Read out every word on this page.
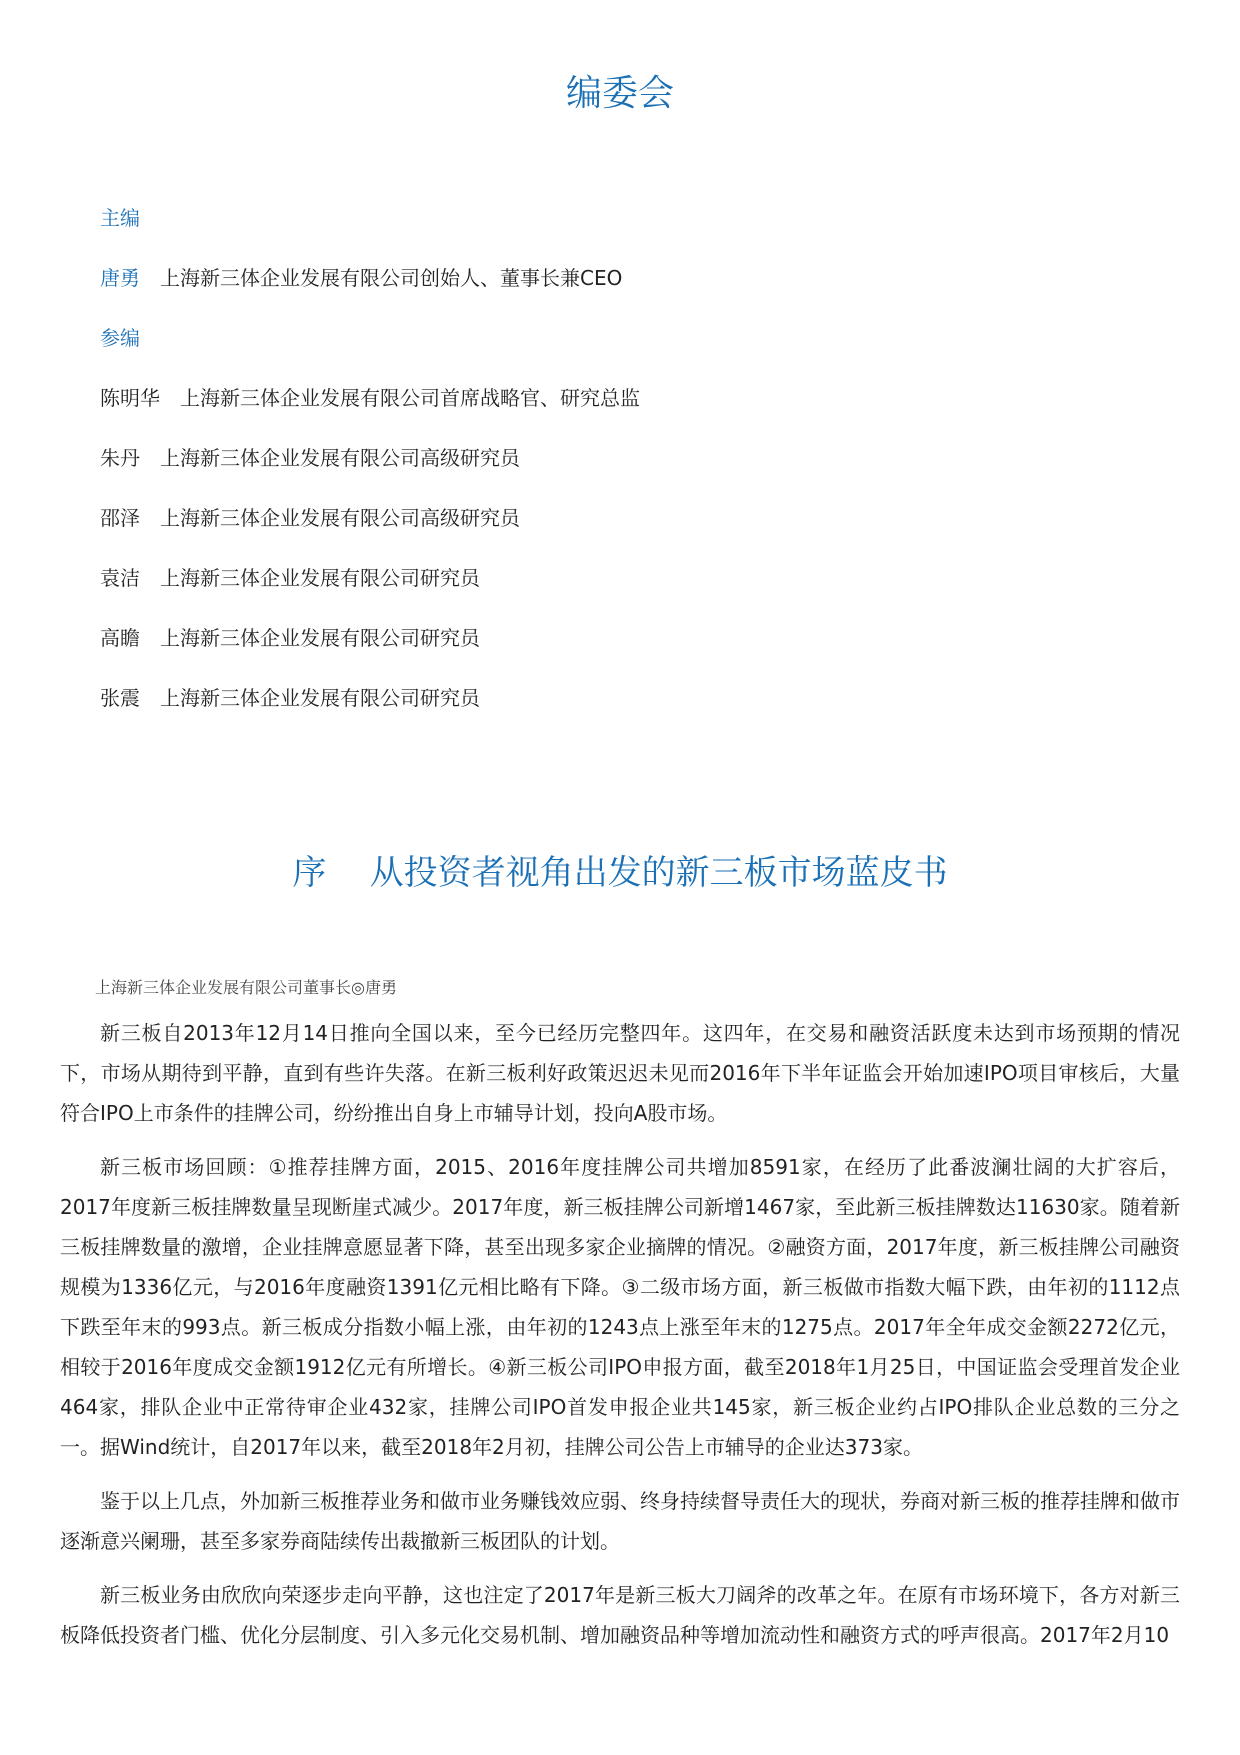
编委会
主编
唐勇 上海新三体企业发展有限公司创始人、董事长兼CEO
参编
陈明华 上海新三体企业发展有限公司首席战略官、研究总监
朱丹 上海新三体企业发展有限公司高级研究员
邵泽 上海新三体企业发展有限公司高级研究员
袁洁 上海新三体企业发展有限公司研究员
高瞻 上海新三体企业发展有限公司研究员
张震 上海新三体企业发展有限公司研究员
序    从投资者视角出发的新三板市场蓝皮书
上海新三体企业发展有限公司董事长◎唐勇

新三板自2013年12月14日推向全国以来，至今已经历完整四年。这四年，在交易和融资活跃度未达到市场预期的情况下，市场从期待到平静，直到有些许失落。在新三板利好政策迟迟未见而2016年下半年证监会开始加速IPO项目审核后，大量符合IPO上市条件的挂牌公司，纷纷推出自身上市辅导计划，投向A股市场。

新三板市场回顾：①推荐挂牌方面，2015、2016年度挂牌公司共增加8591家，在经历了此番波澜壮阔的大扩容后，2017年度新三板挂牌数量呈现断崖式减少。2017年度，新三板挂牌公司新增1467家，至此新三板挂牌数达11630家。随着新三板挂牌数量的激增，企业挂牌意愿显著下降，甚至出现多家企业摘牌的情况。②融资方面，2017年度，新三板挂牌公司融资规模为1336亿元，与2016年度融资1391亿元相比略有下降。③二级市场方面，新三板做市指数大幅下跌，由年初的1112点下跌至年末的993点。新三板成分指数小幅上涨，由年初的1243点上涨至年末的1275点。2017年全年成交金额2272亿元，相较于2016年度成交金额1912亿元有所增长。④新三板公司IPO申报方面，截至2018年1月25日，中国证监会受理首发企业464家，排队企业中正常待审企业432家，挂牌公司IPO首发申报企业共145家，新三板企业约占IPO排队企业总数的三分之一。据Wind统计，自2017年以来，截至2018年2月初，挂牌公司公告上市辅导的企业达373家。

鉴于以上几点，外加新三板推荐业务和做市业务赚钱效应弱、终身持续督导责任大的现状，券商对新三板的推荐挂牌和做市逐渐意兴阑珊，甚至多家券商陆续传出裁撤新三板团队的计划。

新三板业务由欣欣向荣逐步走向平静，这也注定了2017年是新三板大刀阔斧的改革之年。在原有市场环境下，各方对新三板降低投资者门槛、优化分层制度、引入多元化交易机制、增加融资品种等增加流动性和融资方式的呼声很高。2017年2月10
